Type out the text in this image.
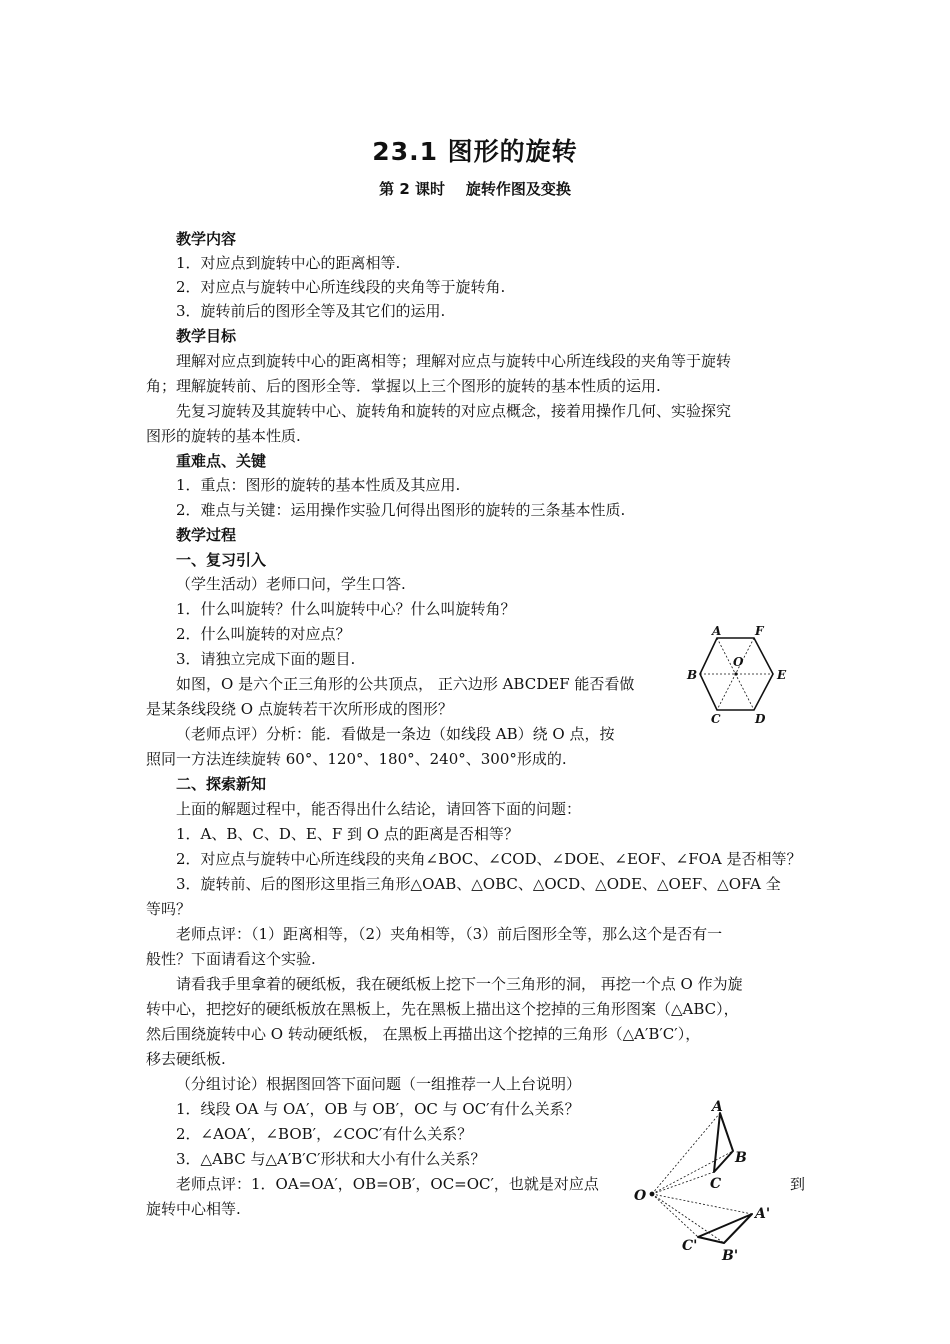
23.1 图形的旋转
第 2 课时    旋转作图及变换
教学内容
1．对应点到旋转中心的距离相等.
2．对应点与旋转中心所连线段的夹角等于旋转角.
3．旋转前后的图形全等及其它们的运用.
教学目标
理解对应点到旋转中心的距离相等；理解对应点与旋转中心所连线段的夹角等于旋转
角；理解旋转前、后的图形全等．掌握以上三个图形的旋转的基本性质的运用.
先复习旋转及其旋转中心、旋转角和旋转的对应点概念，接着用操作几何、实验探究
图形的旋转的基本性质.
重难点、关键
1．重点：图形的旋转的基本性质及其应用.
2．难点与关键：运用操作实验几何得出图形的旋转的三条基本性质.
教学过程
一、复习引入
（学生活动）老师口问，学生口答.
1．什么叫旋转？什么叫旋转中心？什么叫旋转角？
2．什么叫旋转的对应点？
3．请独立完成下面的题目.
如图，O 是六个正三角形的公共顶点， 正六边形 ABCDEF 能否看做
是某条线段绕 O 点旋转若干次所形成的图形？
（老师点评）分析：能．看做是一条边（如线段 AB）绕 O 点，按
照同一方法连续旋转 60°、120°、180°、240°、300°形成的.
二、探索新知
上面的解题过程中，能否得出什么结论，请回答下面的问题：
1．A、B、C、D、E、F 到 O 点的距离是否相等？
2．对应点与旋转中心所连线段的夹角∠BOC、∠COD、∠DOE、∠EOF、∠FOA 是否相等？
3．旋转前、后的图形这里指三角形△OAB、△OBC、△OCD、△ODE、△OEF、△OFA 全
等吗？
老师点评：（1）距离相等，（2）夹角相等，（3）前后图形全等，那么这个是否有一
般性？下面请看这个实验.
请看我手里拿着的硬纸板，我在硬纸板上挖下一个三角形的洞， 再挖一个点 O 作为旋
转中心，把挖好的硬纸板放在黑板上，先在黑板上描出这个挖掉的三角形图案（△ABC），
然后围绕旋转中心 O 转动硬纸板， 在黑板上再描出这个挖掉的三角形（△A′B′C′），
移去硬纸板.
（分组讨论）根据图回答下面问题（一组推荐一人上台说明）
1．线段 OA 与 OA′，OB 与 OB′，OC 与 OC′有什么关系？
2．∠AOA′，∠BOB′，∠COC′有什么关系？
3．△ABC 与△A′B′C′形状和大小有什么关系？
老师点评：1．OA=OA′，OB=OB′，OC=OC′，也就是对应点	到
旋转中心相等.
A	F
B
O
E
C	D
A
B
C
O
A'
C'
B'
